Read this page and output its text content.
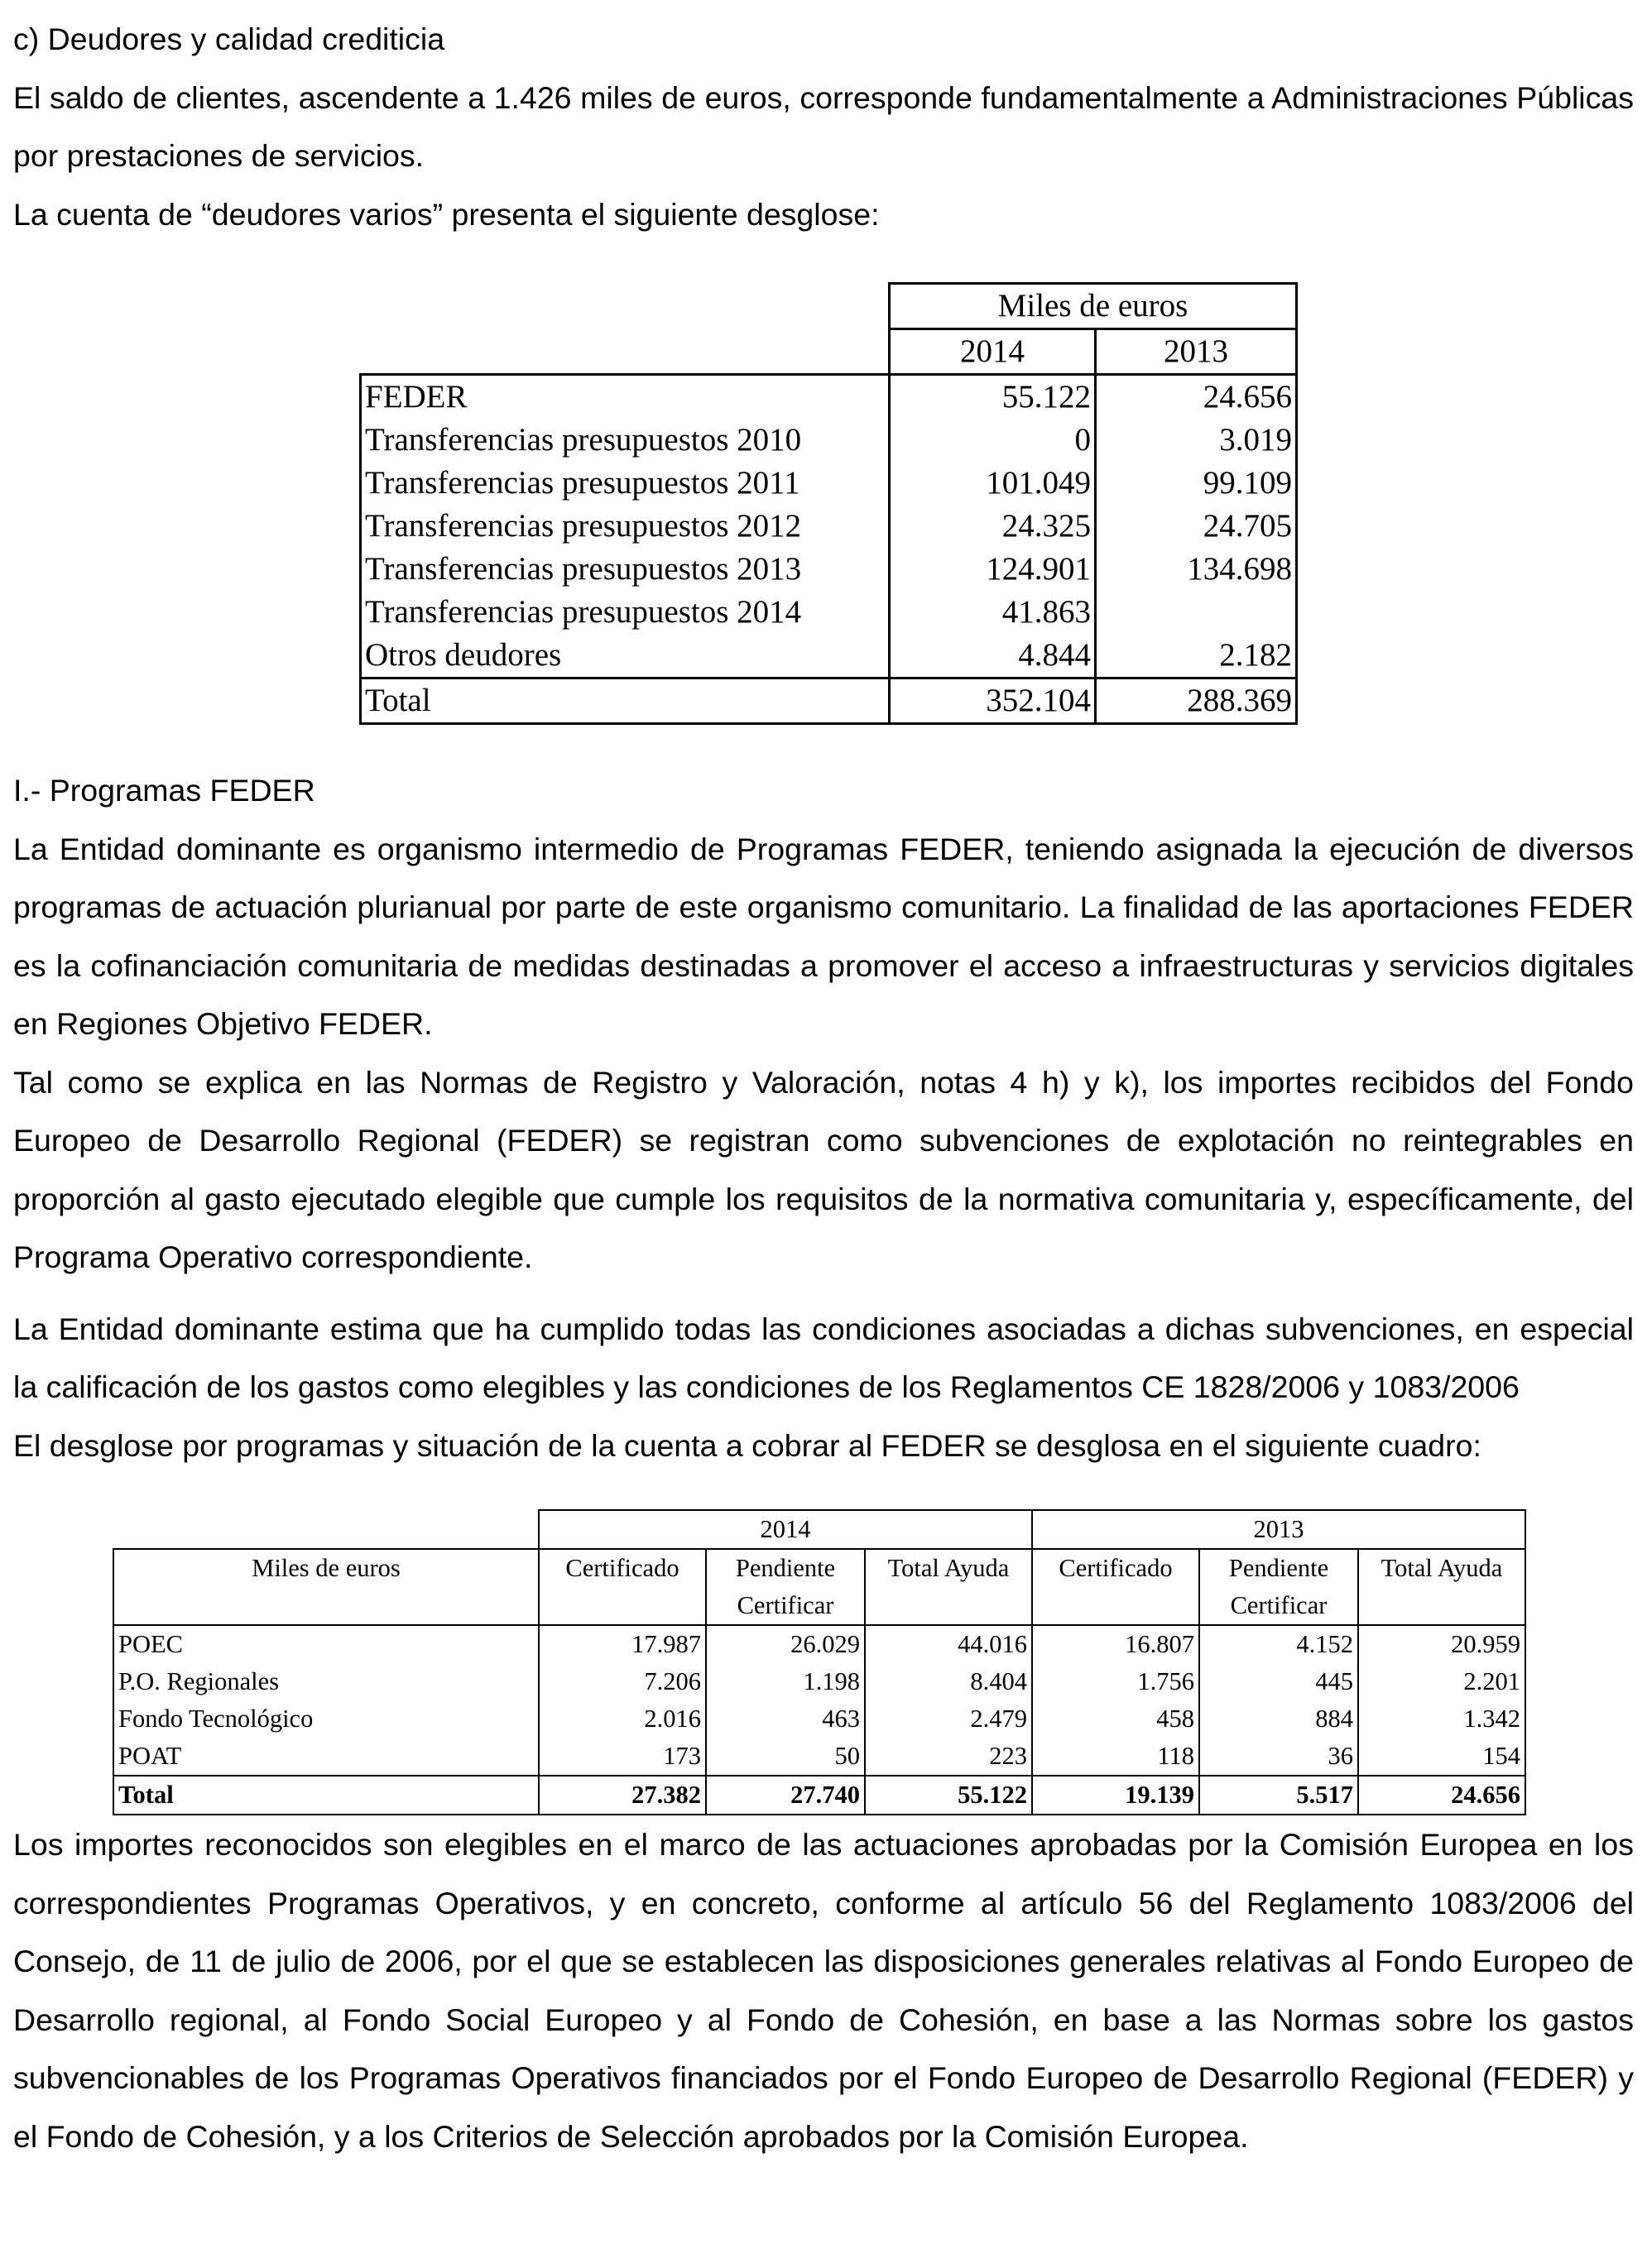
c) Deudores y calidad crediticia

El saldo de clientes, ascendente a 1.426 miles de euros, corresponde fundamentalmente a Administraciones Públicas por prestaciones de servicios.

La cuenta de “deudores varios” presenta el siguiente desglose:

	Miles de euros	
	2014	2013
FEDER	55.122	24.656
Transferencias presupuestos 2010	0	3.019
Transferencias presupuestos 2011	101.049	99.109
Transferencias presupuestos 2012	24.325	24.705
Transferencias presupuestos 2013	124.901	134.698
Transferencias presupuestos 2014	41.863	
Otros deudores	4.844	2.182
Total	352.104	288.369

I.- Programas FEDER

La Entidad dominante es organismo intermedio de Programas FEDER, teniendo asignada la ejecución de diversos programas de actuación plurianual por parte de este organismo comunitario. La finalidad de las aportaciones FEDER es la cofinanciación comunitaria de medidas destinadas a promover el acceso a infraestructuras y servicios digitales en Regiones Objetivo FEDER.

Tal como se explica en las Normas de Registro y Valoración, notas 4 h) y k), los importes recibidos del Fondo Europeo de Desarrollo Regional (FEDER) se registran como subvenciones de explotación no reintegrables en proporción al gasto ejecutado elegible que cumple los requisitos de la normativa comunitaria y, específicamente, del Programa Operativo correspondiente.

La Entidad dominante estima que ha cumplido todas las condiciones asociadas a dichas subvenciones, en especial la calificación de los gastos como elegibles y las condiciones de los Reglamentos CE 1828/2006 y 1083/2006

El desglose por programas y situación de la cuenta a cobrar al FEDER se desglosa en el siguiente cuadro:

	2014			2013		
Miles de euros	Certificado	Pendiente	Total Ayuda	Certificado	Pendiente	Total Ayuda
		Certificar			Certificar	
POEC	17.987	26.029	44.016	16.807	4.152	20.959
P.O. Regionales	7.206	1.198	8.404	1.756	445	2.201
Fondo Tecnológico	2.016	463	2.479	458	884	1.342
POAT	173	50	223	118	36	154
Total	27.382	27.740	55.122	19.139	5.517	24.656

Los importes reconocidos son elegibles en el marco de las actuaciones aprobadas por la Comisión Europea en los correspondientes Programas Operativos, y en concreto, conforme al artículo 56 del Reglamento 1083/2006 del Consejo, de 11 de julio de 2006, por el que se establecen las disposiciones generales relativas al Fondo Europeo de Desarrollo regional, al Fondo Social Europeo y al Fondo de Cohesión, en base a las Normas sobre los gastos subvencionables de los Programas Operativos financiados por el Fondo Europeo de Desarrollo Regional (FEDER) y el Fondo de Cohesión, y a los Criterios de Selección aprobados por la Comisión Europea.
